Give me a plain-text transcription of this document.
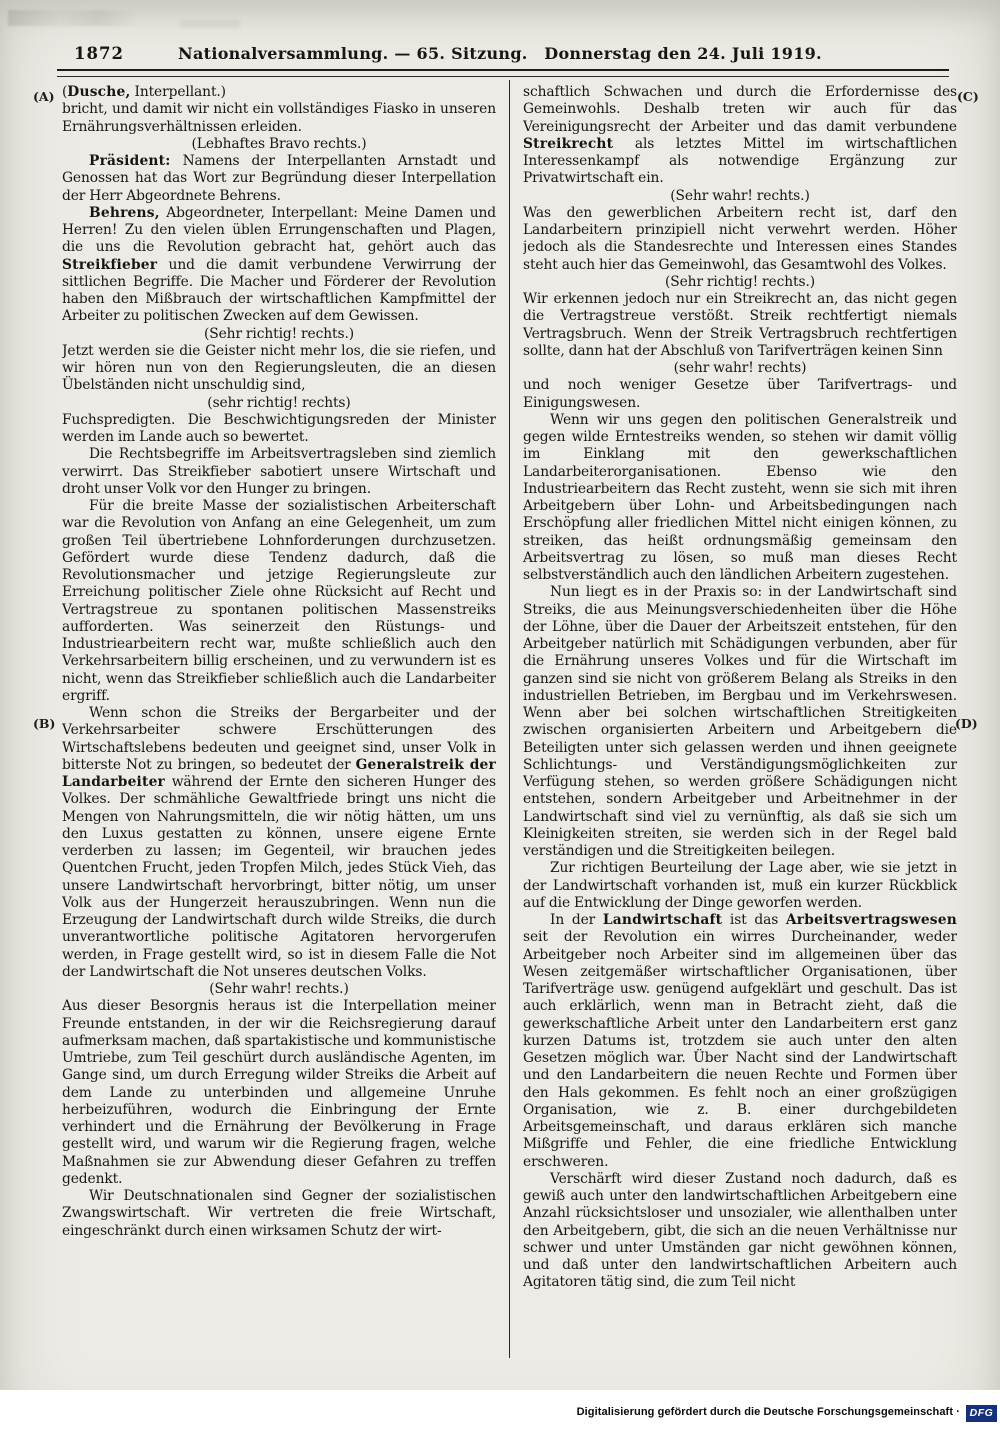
1872	Nationalversammlung. — 65. Sitzung.  Donnerstag den 24. Juli 1919.
(A)
(B)
(C)
(D)

(Dusche, Interpellant.)

bricht, und damit wir nicht ein vollständiges Fiasko in unseren Ernährungsverhältnissen erleiden.

(Lebhaftes Bravo rechts.)

Präsident: Namens der Interpellanten Arnstadt und Genossen hat das Wort zur Begründung dieser Interpellation der Herr Abgeordnete Behrens.

Behrens, Abgeordneter, Interpellant: Meine Damen und Herren! Zu den vielen üblen Errungenschaften und Plagen, die uns die Revolution gebracht hat, gehört auch das Streikfieber und die damit verbundene Verwirrung der sittlichen Begriffe. Die Macher und Förderer der Revolution haben den Mißbrauch der wirtschaftlichen Kampfmittel der Arbeiter zu politischen Zwecken auf dem Gewissen.

(Sehr richtig! rechts.)

Jetzt werden sie die Geister nicht mehr los, die sie riefen, und wir hören nun von den Regierungsleuten, die an diesen Übelständen nicht unschuldig sind,

(sehr richtig! rechts)

Fuchspredigten. Die Beschwichtigungsreden der Minister werden im Lande auch so bewertet.

Die Rechtsbegriffe im Arbeitsvertragsleben sind ziemlich verwirrt. Das Streikfieber sabotiert unsere Wirtschaft und droht unser Volk vor den Hunger zu bringen.

Für die breite Masse der sozialistischen Arbeiterschaft war die Revolution von Anfang an eine Gelegenheit, um zum großen Teil übertriebene Lohnforderungen durchzusetzen. Gefördert wurde diese Tendenz dadurch, daß die Revolutionsmacher und jetzige Regierungsleute zur Erreichung politischer Ziele ohne Rücksicht auf Recht und Vertragstreue zu spontanen politischen Massenstreiks aufforderten. Was seinerzeit den Rüstungs- und Industriearbeitern recht war, mußte schließlich auch den Verkehrsarbeitern billig erscheinen, und zu verwundern ist es nicht, wenn das Streikfieber schließlich auch die Landarbeiter ergriff.

Wenn schon die Streiks der Bergarbeiter und der Verkehrsarbeiter schwere Erschütterungen des Wirtschaftslebens bedeuten und geeignet sind, unser Volk in bitterste Not zu bringen, so bedeutet der Generalstreik der Landarbeiter während der Ernte den sicheren Hunger des Volkes. Der schmähliche Gewaltfriede bringt uns nicht die Mengen von Nahrungsmitteln, die wir nötig hätten, um uns den Luxus gestatten zu können, unsere eigene Ernte verderben zu lassen; im Gegenteil, wir brauchen jedes Quentchen Frucht, jeden Tropfen Milch, jedes Stück Vieh, das unsere Landwirtschaft hervorbringt, bitter nötig, um unser Volk aus der Hungerzeit herauszubringen. Wenn nun die Erzeugung der Landwirtschaft durch wilde Streiks, die durch unverantwortliche politische Agitatoren hervorgerufen werden, in Frage gestellt wird, so ist in diesem Falle die Not der Landwirtschaft die Not unseres deutschen Volks.

(Sehr wahr! rechts.)

Aus dieser Besorgnis heraus ist die Interpellation meiner Freunde entstanden, in der wir die Reichsregierung darauf aufmerksam machen, daß spartakistische und kommunistische Umtriebe, zum Teil geschürt durch ausländische Agenten, im Gange sind, um durch Erregung wilder Streiks die Arbeit auf dem Lande zu unterbinden und allgemeine Unruhe herbeizuführen, wodurch die Einbringung der Ernte verhindert und die Ernährung der Bevölkerung in Frage gestellt wird, und warum wir die Regierung fragen, welche Maßnahmen sie zur Abwendung dieser Gefahren zu treffen gedenkt.

Wir Deutschnationalen sind Gegner der sozialistischen Zwangswirtschaft. Wir vertreten die freie Wirtschaft, eingeschränkt durch einen wirksamen Schutz der wirt-

schaftlich Schwachen und durch die Erfordernisse des Gemeinwohls. Deshalb treten wir auch für das Vereinigungsrecht der Arbeiter und das damit verbundene Streikrecht als letztes Mittel im wirtschaftlichen Interessenkampf als notwendige Ergänzung zur Privatwirtschaft ein.

(Sehr wahr! rechts.)

Was den gewerblichen Arbeitern recht ist, darf den Landarbeitern prinzipiell nicht verwehrt werden. Höher jedoch als die Standesrechte und Interessen eines Standes steht auch hier das Gemeinwohl, das Gesamtwohl des Volkes.

(Sehr richtig! rechts.)

Wir erkennen jedoch nur ein Streikrecht an, das nicht gegen die Vertragstreue verstößt. Streik rechtfertigt niemals Vertragsbruch. Wenn der Streik Vertragsbruch rechtfertigen sollte, dann hat der Abschluß von Tarifverträgen keinen Sinn

(sehr wahr! rechts)

und noch weniger Gesetze über Tarifvertrags- und Einigungswesen.

Wenn wir uns gegen den politischen Generalstreik und gegen wilde Erntestreiks wenden, so stehen wir damit völlig im Einklang mit den gewerkschaftlichen Landarbeiterorganisationen. Ebenso wie den Industriearbeitern das Recht zusteht, wenn sie sich mit ihren Arbeitgebern über Lohn- und Arbeitsbedingungen nach Erschöpfung aller friedlichen Mittel nicht einigen können, zu streiken, das heißt ordnungsmäßig gemeinsam den Arbeitsvertrag zu lösen, so muß man dieses Recht selbstverständlich auch den ländlichen Arbeitern zugestehen.

Nun liegt es in der Praxis so: in der Landwirtschaft sind Streiks, die aus Meinungsverschiedenheiten über die Höhe der Löhne, über die Dauer der Arbeitszeit entstehen, für den Arbeitgeber natürlich mit Schädigungen verbunden, aber für die Ernährung unseres Volkes und für die Wirtschaft im ganzen sind sie nicht von größerem Belang als Streiks in den industriellen Betrieben, im Bergbau und im Verkehrswesen. Wenn aber bei solchen wirtschaftlichen Streitigkeiten zwischen organisierten Arbeitern und Arbeitgebern die Beteiligten unter sich gelassen werden und ihnen geeignete Schlichtungs- und Verständigungsmöglichkeiten zur Verfügung stehen, so werden größere Schädigungen nicht entstehen, sondern Arbeitgeber und Arbeitnehmer in der Landwirtschaft sind viel zu vernünftig, als daß sie sich um Kleinigkeiten streiten, sie werden sich in der Regel bald verständigen und die Streitigkeiten beilegen.

Zur richtigen Beurteilung der Lage aber, wie sie jetzt in der Landwirtschaft vorhanden ist, muß ein kurzer Rückblick auf die Entwicklung der Dinge geworfen werden.

In der Landwirtschaft ist das Arbeitsvertragswesen seit der Revolution ein wirres Durcheinander, weder Arbeitgeber noch Arbeiter sind im allgemeinen über das Wesen zeitgemäßer wirtschaftlicher Organisationen, über Tarifverträge usw. genügend aufgeklärt und geschult. Das ist auch erklärlich, wenn man in Betracht zieht, daß die gewerkschaftliche Arbeit unter den Landarbeitern erst ganz kurzen Datums ist, trotzdem sie auch unter den alten Gesetzen möglich war. Über Nacht sind der Landwirtschaft und den Landarbeitern die neuen Rechte und Formen über den Hals gekommen. Es fehlt noch an einer großzügigen Organisation, wie z. B. einer durchgebildeten Arbeitsgemeinschaft, und daraus erklären sich manche Mißgriffe und Fehler, die eine friedliche Entwicklung erschweren.

Verschärft wird dieser Zustand noch dadurch, daß es gewiß auch unter den landwirtschaftlichen Arbeitgebern eine Anzahl rücksichtsloser und unsozialer, wie allenthalben unter den Arbeitgebern, gibt, die sich an die neuen Verhältnisse nur schwer und unter Umständen gar nicht gewöhnen können, und daß unter den landwirtschaftlichen Arbeitern auch Agitatoren tätig sind, die zum Teil nicht

Digitalisierung gefördert durch die Deutsche Forschungsgemeinschaft · DFG
